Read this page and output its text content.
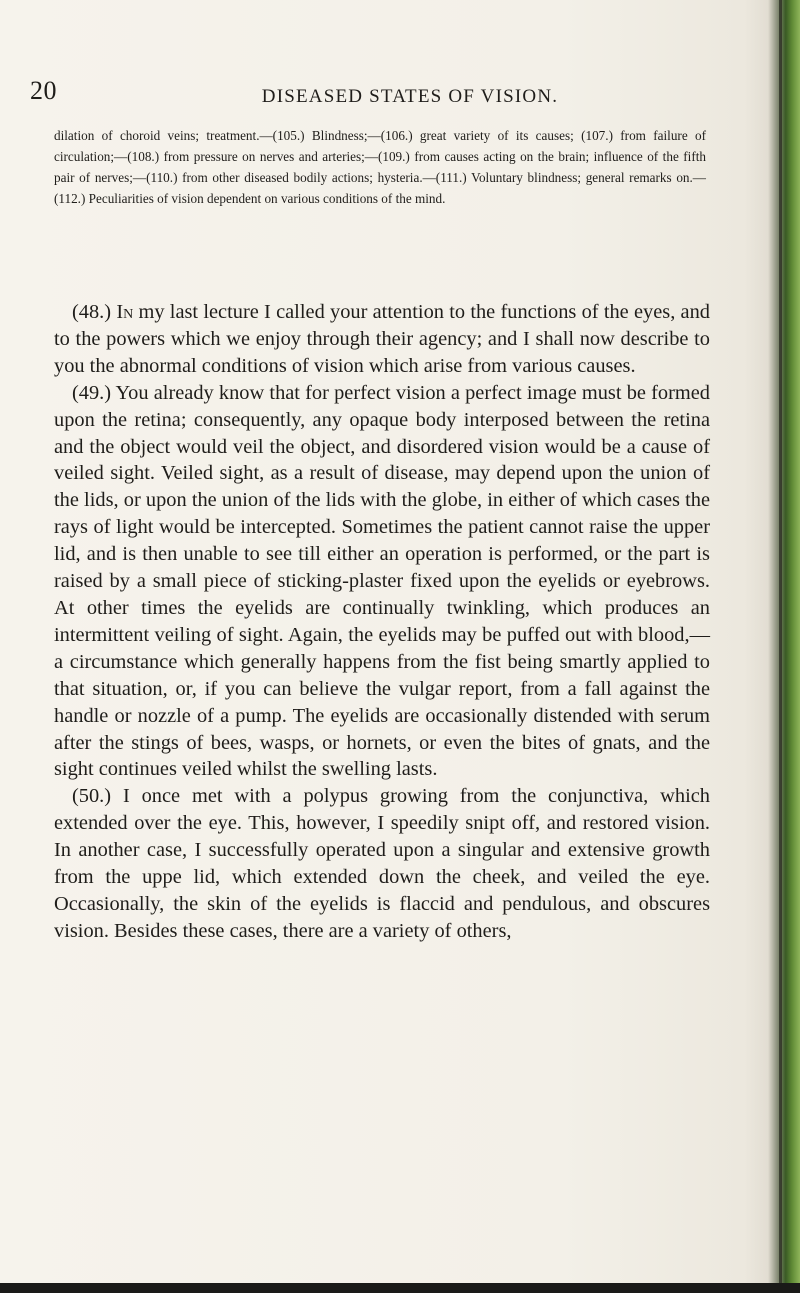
20	DISEASED STATES OF VISION.
dilation of choroid veins; treatment.—(105.) Blindness;—(106.) great variety of its causes; (107.) from failure of circulation;—(108.) from pressure on nerves and arteries;—(109.) from causes acting on the brain; influence of the fifth pair of nerves;—(110.) from other diseased bodily actions; hysteria.—(111.) Voluntary blindness; general remarks on.—(112.) Peculiarities of vision dependent on various conditions of the mind.

(48.) In my last lecture I called your attention to the functions of the eyes, and to the powers which we enjoy through their agency; and I shall now describe to you the abnormal conditions of vision which arise from various causes.

(49.) You already know that for perfect vision a perfect image must be formed upon the retina; consequently, any opaque body interposed between the retina and the object would veil the object, and disordered vision would be a cause of veiled sight. Veiled sight, as a result of disease, may depend upon the union of the lids, or upon the union of the lids with the globe, in either of which cases the rays of light would be intercepted. Sometimes the patient cannot raise the upper lid, and is then unable to see till either an operation is performed, or the part is raised by a small piece of sticking-plaster fixed upon the eyelids or eyebrows. At other times the eyelids are continually twinkling, which produces an intermittent veiling of sight. Again, the eyelids may be puffed out with blood,—a circumstance which generally happens from the fist being smartly applied to that situation, or, if you can believe the vulgar report, from a fall against the handle or nozzle of a pump. The eyelids are occasionally distended with serum after the stings of bees, wasps, or hornets, or even the bites of gnats, and the sight continues veiled whilst the swelling lasts.

(50.) I once met with a polypus growing from the conjunctiva, which extended over the eye. This, however, I speedily snipt off, and restored vision. In another case, I successfully operated upon a singular and extensive growth from the uppe lid, which extended down the cheek, and veiled the eye. Occasionally, the skin of the eyelids is flaccid and pendulous, and obscures vision. Besides these cases, there are a variety of others,
